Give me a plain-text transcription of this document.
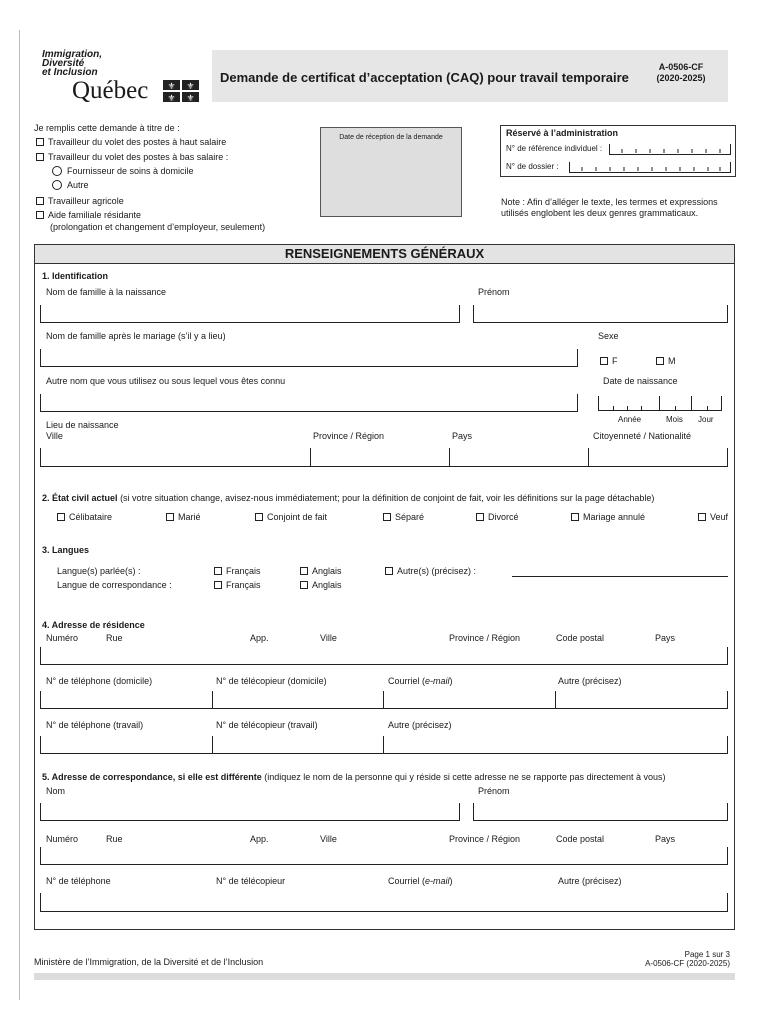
Immigration,
Diversité
et Inclusion
Québec ⚜ ⚜
⚜ ⚜
Demande de certificat d’acceptation (CAQ) pour travail temporaire
A-0506-CF
(2020-2025)
Je remplis cette demande à titre de :
Travailleur du volet des postes à haut salaire
Travailleur du volet des postes à bas salaire :
Fournisseur de soins à domicile
Autre
Travailleur agricole
Aide familiale résidante
(prolongation et changement d’employeur, seulement)
Date de réception de la demande	Réservé à l’administration
N° de référence individuel :
N° de dossier :
Note : Afin d’alléger le texte, les termes et expressions
utilisés englobent les deux genres grammaticaux.
RENSEIGNEMENTS GÉNÉRAUX
1. Identification
Nom de famille à la naissance	Prénom
Nom de famille après le mariage (s’il y a lieu)	Sexe
F	M
Autre nom que vous utilisez ou sous lequel vous êtes connu	Date de naissance
Année	Mois Jour
Lieu de naissance
Ville	Province / Région	Pays	Citoyenneté / Nationalité
2. État civil actuel (si votre situation change, avisez-nous immédiatement; pour la définition de conjoint de fait, voir les définitions sur la page détachable)
Célibataire	Marié	Conjoint de fait	Séparé	Divorcé	Mariage annulé	Veuf
3. Langues
Langue(s) parlée(s) :
Langue de correspondance :
Français	Anglais	Autre(s) (précisez) :
Français	Anglais
4. Adresse de résidence
Numéro	Rue	App.	Ville	Province / Région	Code postal	Pays
N° de téléphone (domicile)	N° de télécopieur (domicile)	Courriel (e-mail)	Autre (précisez)
N° de téléphone (travail)	N° de télécopieur (travail)	Autre (précisez)
5. Adresse de correspondance, si elle est différente (indiquez le nom de la personne qui y réside si cette adresse ne se rapporte pas directement à vous)
Nom	Prénom
Numéro	Rue	App.	Ville	Province / Région	Code postal	Pays
N° de téléphone	N° de télécopieur	Courriel (e-mail)	Autre (précisez)
Ministère de l’Immigration, de la Diversité et de l’Inclusion
Page 1 sur 3
A-0506-CF (2020-2025)
